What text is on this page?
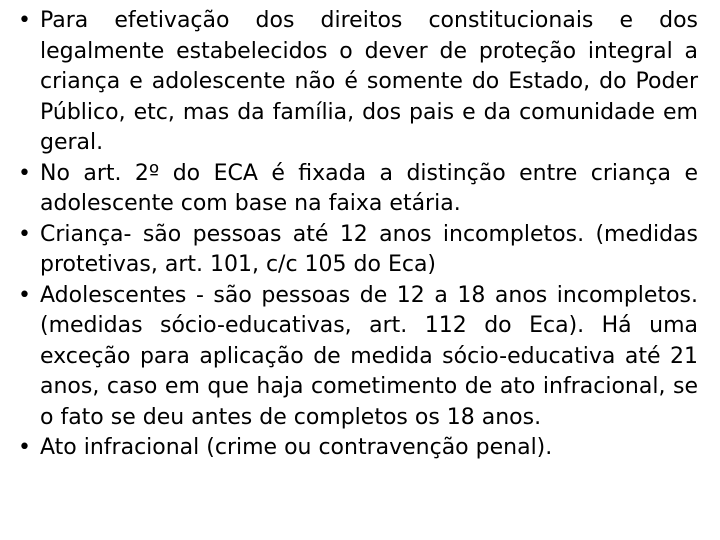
• Para efetivação dos direitos constitucionais e dos legalmente estabelecidos o dever de proteção integral a criança e adolescente não é somente do Estado, do Poder Público, etc, mas da família, dos pais e da comunidade em geral.
• No art. 2º do ECA é fixada a distinção entre criança e adolescente com base na faixa etária.
• Criança- são pessoas até 12 anos incompletos. (medidas protetivas, art. 101, c/c 105 do Eca)
• Adolescentes - são pessoas de 12 a 18 anos incompletos. (medidas sócio-educativas, art. 112 do Eca). Há uma exceção para aplicação de medida sócio-educativa até 21 anos, caso em que haja cometimento de ato infracional, se o fato se deu antes de completos os 18 anos.
• Ato infracional (crime ou contravenção penal).
